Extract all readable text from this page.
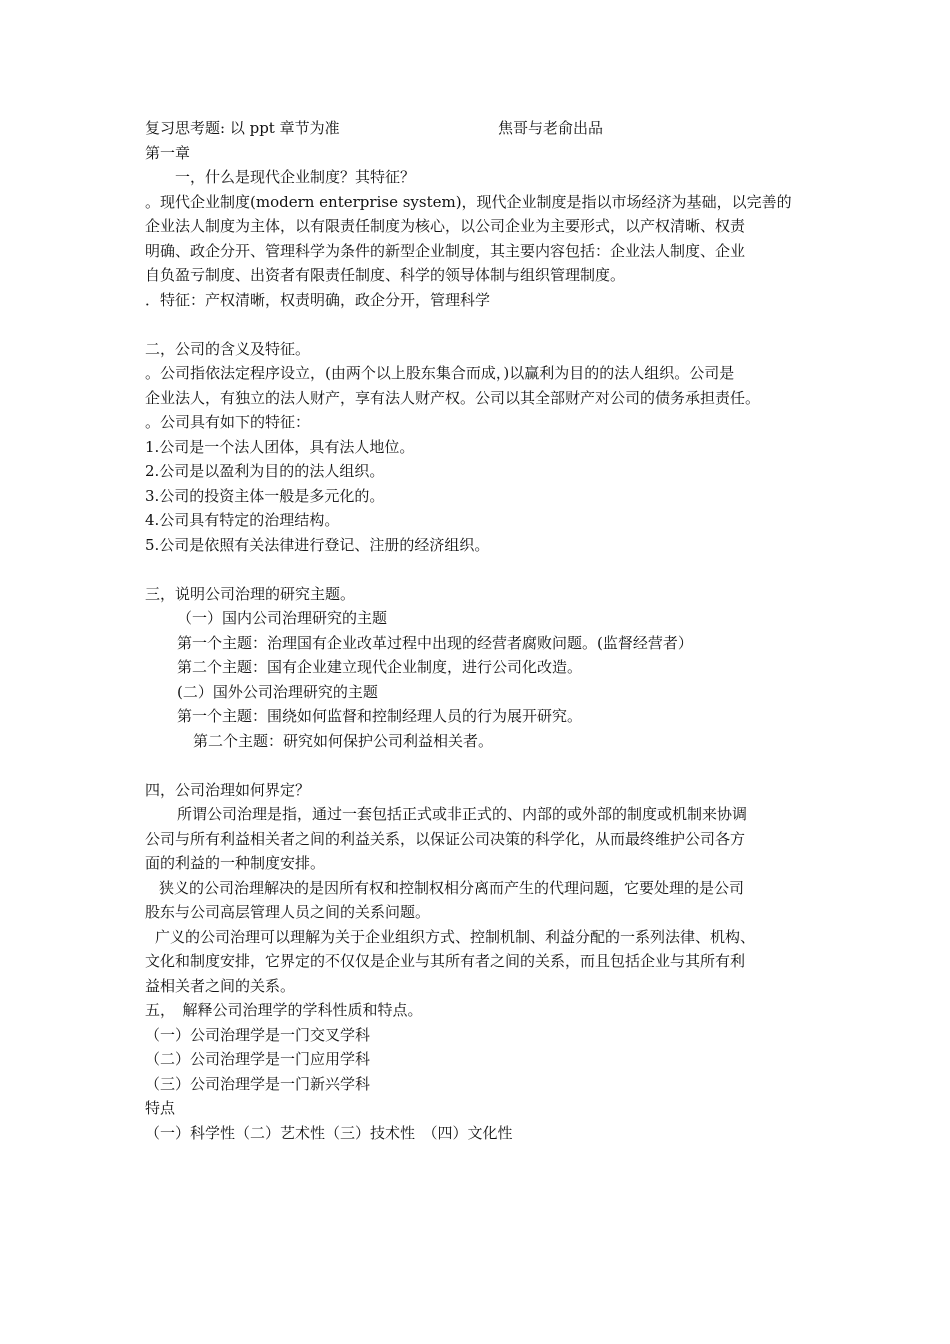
复习思考题: 以 ppt 章节为准	焦哥与老俞出品
第一章
一，什么是现代企业制度？其特征？
。现代企业制度(modern enterprise system)，现代企业制度是指以市场经济为基础，以完善的
企业法人制度为主体，以有限责任制度为核心，以公司企业为主要形式，以产权清晰、权责
明确、政企分开、管理科学为条件的新型企业制度，其主要内容包括：企业法人制度、企业
自负盈亏制度、出资者有限责任制度、科学的领导体制与组织管理制度。
．特征：产权清晰，权责明确，政企分开，管理科学
二，公司的含义及特征。
。公司指依法定程序设立，(由两个以上股东集合而成，)以赢利为目的的法人组织。公司是
企业法人，有独立的法人财产，享有法人财产权。公司以其全部财产对公司的债务承担责任。
。公司具有如下的特征：
1.公司是一个法人团体，具有法人地位。
2.公司是以盈利为目的的法人组织。
3.公司的投资主体一般是多元化的。
4.公司具有特定的治理结构。
5.公司是依照有关法律进行登记、注册的经济组织。
三，说明公司治理的研究主题。
（一）国内公司治理研究的主题
第一个主题：治理国有企业改革过程中出现的经营者腐败问题。(监督经营者）
第二个主题：国有企业建立现代企业制度，进行公司化改造。
(二）国外公司治理研究的主题
第一个主题：围绕如何监督和控制经理人员的行为展开研究。
第二个主题：研究如何保护公司利益相关者。
四，公司治理如何界定？
所谓公司治理是指，通过一套包括正式或非正式的、内部的或外部的制度或机制来协调
公司与所有利益相关者之间的利益关系，以保证公司决策的科学化，从而最终维护公司各方
面的利益的一种制度安排。
狭义的公司治理解决的是因所有权和控制权相分离而产生的代理问题，它要处理的是公司
股东与公司高层管理人员之间的关系问题。
广义的公司治理可以理解为关于企业组织方式、控制机制、利益分配的一系列法律、机构、
文化和制度安排，它界定的不仅仅是企业与其所有者之间的关系，而且包括企业与其所有利
益相关者之间的关系。
五，　解释公司治理学的学科性质和特点。
（一）公司治理学是一门交叉学科
（二）公司治理学是一门应用学科
（三）公司治理学是一门新兴学科
特点
（一）科学性（二）艺术性（三）技术性　（四）文化性
